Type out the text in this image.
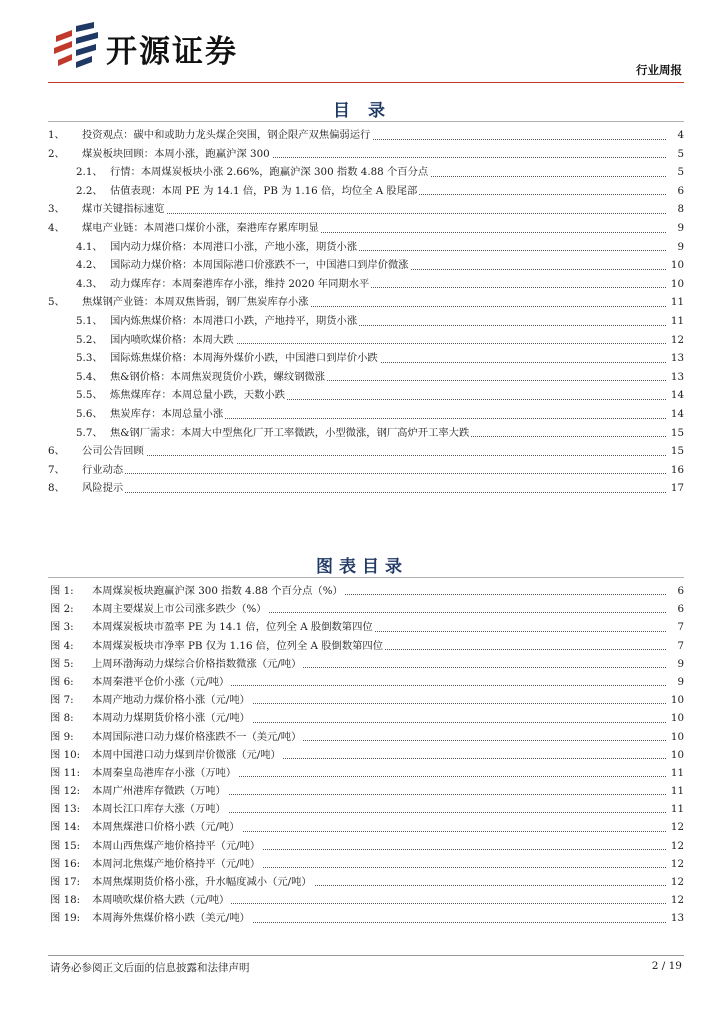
开源证券	行业周报
目 录
1、 投资观点：碳中和或助力龙头煤企突围，钢企限产双焦偏弱运行	4
2、 煤炭板块回顾：本周小涨，跑赢沪深 300	5
2.1、 行情：本周煤炭板块小涨 2.66%，跑赢沪深 300 指数 4.88 个百分点	5
2.2、 估值表现：本周 PE 为 14.1 倍，PB 为 1.16 倍，均位全 A 股尾部	6
3、 煤市关键指标速览	8
4、 煤电产业链：本周港口煤价小涨，秦港库存累库明显	9
4.1、 国内动力煤价格：本周港口小涨，产地小涨，期货小涨	9
4.2、 国际动力煤价格：本周国际港口价涨跌不一，中国港口到岸价微涨	10
4.3、 动力煤库存：本周秦港库存小涨，维持 2020 年同期水平	10
5、 焦煤钢产业链：本周双焦皆弱，钢厂焦炭库存小涨	11
5.1、 国内炼焦煤价格：本周港口小跌，产地持平，期货小涨	11
5.2、 国内喷吹煤价格：本周大跌	12
5.3、 国际炼焦煤价格：本周海外煤价小跌，中国港口到岸价小跌	13
5.4、 焦&钢价格：本周焦炭现货价小跌，螺纹钢微涨	13
5.5、 炼焦煤库存：本周总量小跌，天数小跌	14
5.6、 焦炭库存：本周总量小涨	14
5.7、 焦&钢厂需求：本周大中型焦化厂开工率微跌，小型微涨，钢厂高炉开工率大跌	15
6、 公司公告回顾	15
7、 行业动态	16
8、 风险提示	17
图表目录
图 1: 本周煤炭板块跑赢沪深 300 指数 4.88 个百分点（%）	6
图 2: 本周主要煤炭上市公司涨多跌少（%）	6
图 3: 本周煤炭板块市盈率 PE 为 14.1 倍，位列全 A 股倒数第四位	7
图 4: 本周煤炭板块市净率 PB 仅为 1.16 倍，位列全 A 股倒数第四位	7
图 5: 上周环渤海动力煤综合价格指数微涨（元/吨）	9
图 6: 本周秦港平仓价小涨（元/吨）	9
图 7: 本周产地动力煤价格小涨（元/吨）	10
图 8: 本周动力煤期货价格小涨（元/吨）	10
图 9: 本周国际港口动力煤价格涨跌不一（美元/吨）	10
图 10: 本周中国港口动力煤到岸价微涨（元/吨）	10
图 11: 本周秦皇岛港库存小涨（万吨）	11
图 12: 本周广州港库存微跌（万吨）	11
图 13: 本周长江口库存大涨（万吨）	11
图 14: 本周焦煤港口价格小跌（元/吨）	12
图 15: 本周山西焦煤产地价格持平（元/吨）	12
图 16: 本周河北焦煤产地价格持平（元/吨）	12
图 17: 本周焦煤期货价格小涨，升水幅度减小（元/吨）	12
图 18: 本周喷吹煤价格大跌（元/吨）	12
图 19: 本周海外焦煤价格小跌（美元/吨）	13
请务必参阅正文后面的信息披露和法律声明	2 / 19
